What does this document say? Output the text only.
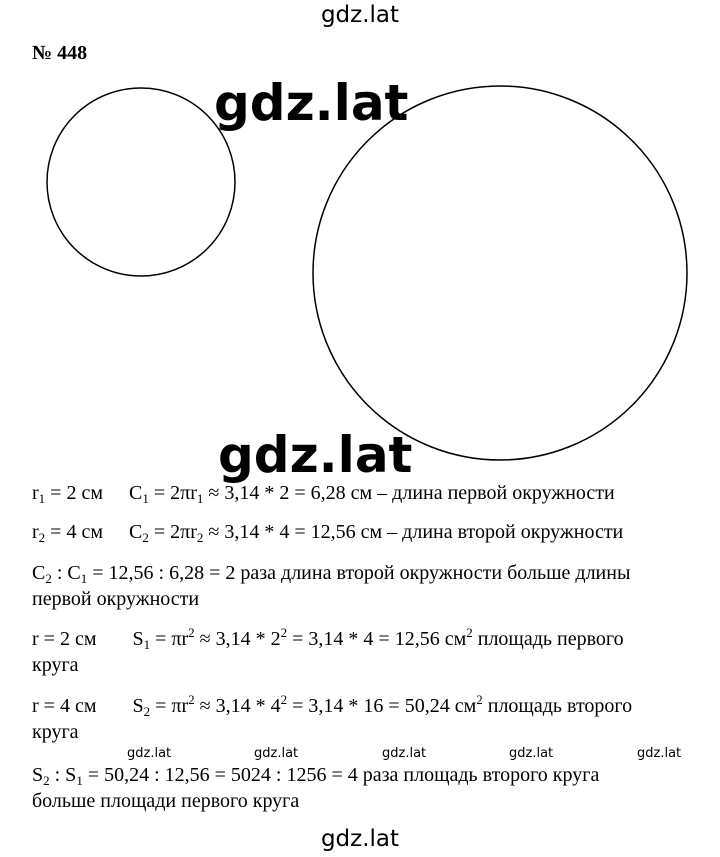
gdz.lat
gdz.lat
gdz.lat
gdz.lat	gdz.lat	gdz.lat	gdz.lat	gdz.lat
gdz.lat
№ 448
$r_1 = 2$ см $C_1 = 2\pi r_1 \approx 3,14 * 2 = 6,28$ см – длина первой окружности
$r_2 = 4$ см $C_2 = 2\pi r_2 \approx 3,14 * 4 = 12,56$ см – длина второй окружности
$C_2$ : $C_1 = 12,56$ : 6,28 = 2 раза длина второй окружности больше длины
первой окружности
r = 2 см $S_1 = \pi r^2 \approx 3,14 * 2^2 = 3,14 * 4 = 12,56$ $см^2$ площадь первого
круга
r = 4 см $S_2 = \pi r^2 \approx 3,14 * 4^2 = 3,14 * 16 = 50,24$ $см^2$ площадь второго
круга
$S_2$ : $S_1 = 50,24$ : 12,56 = 5024 : 1256 = 4 раза площадь второго круга
больше площади первого круга
